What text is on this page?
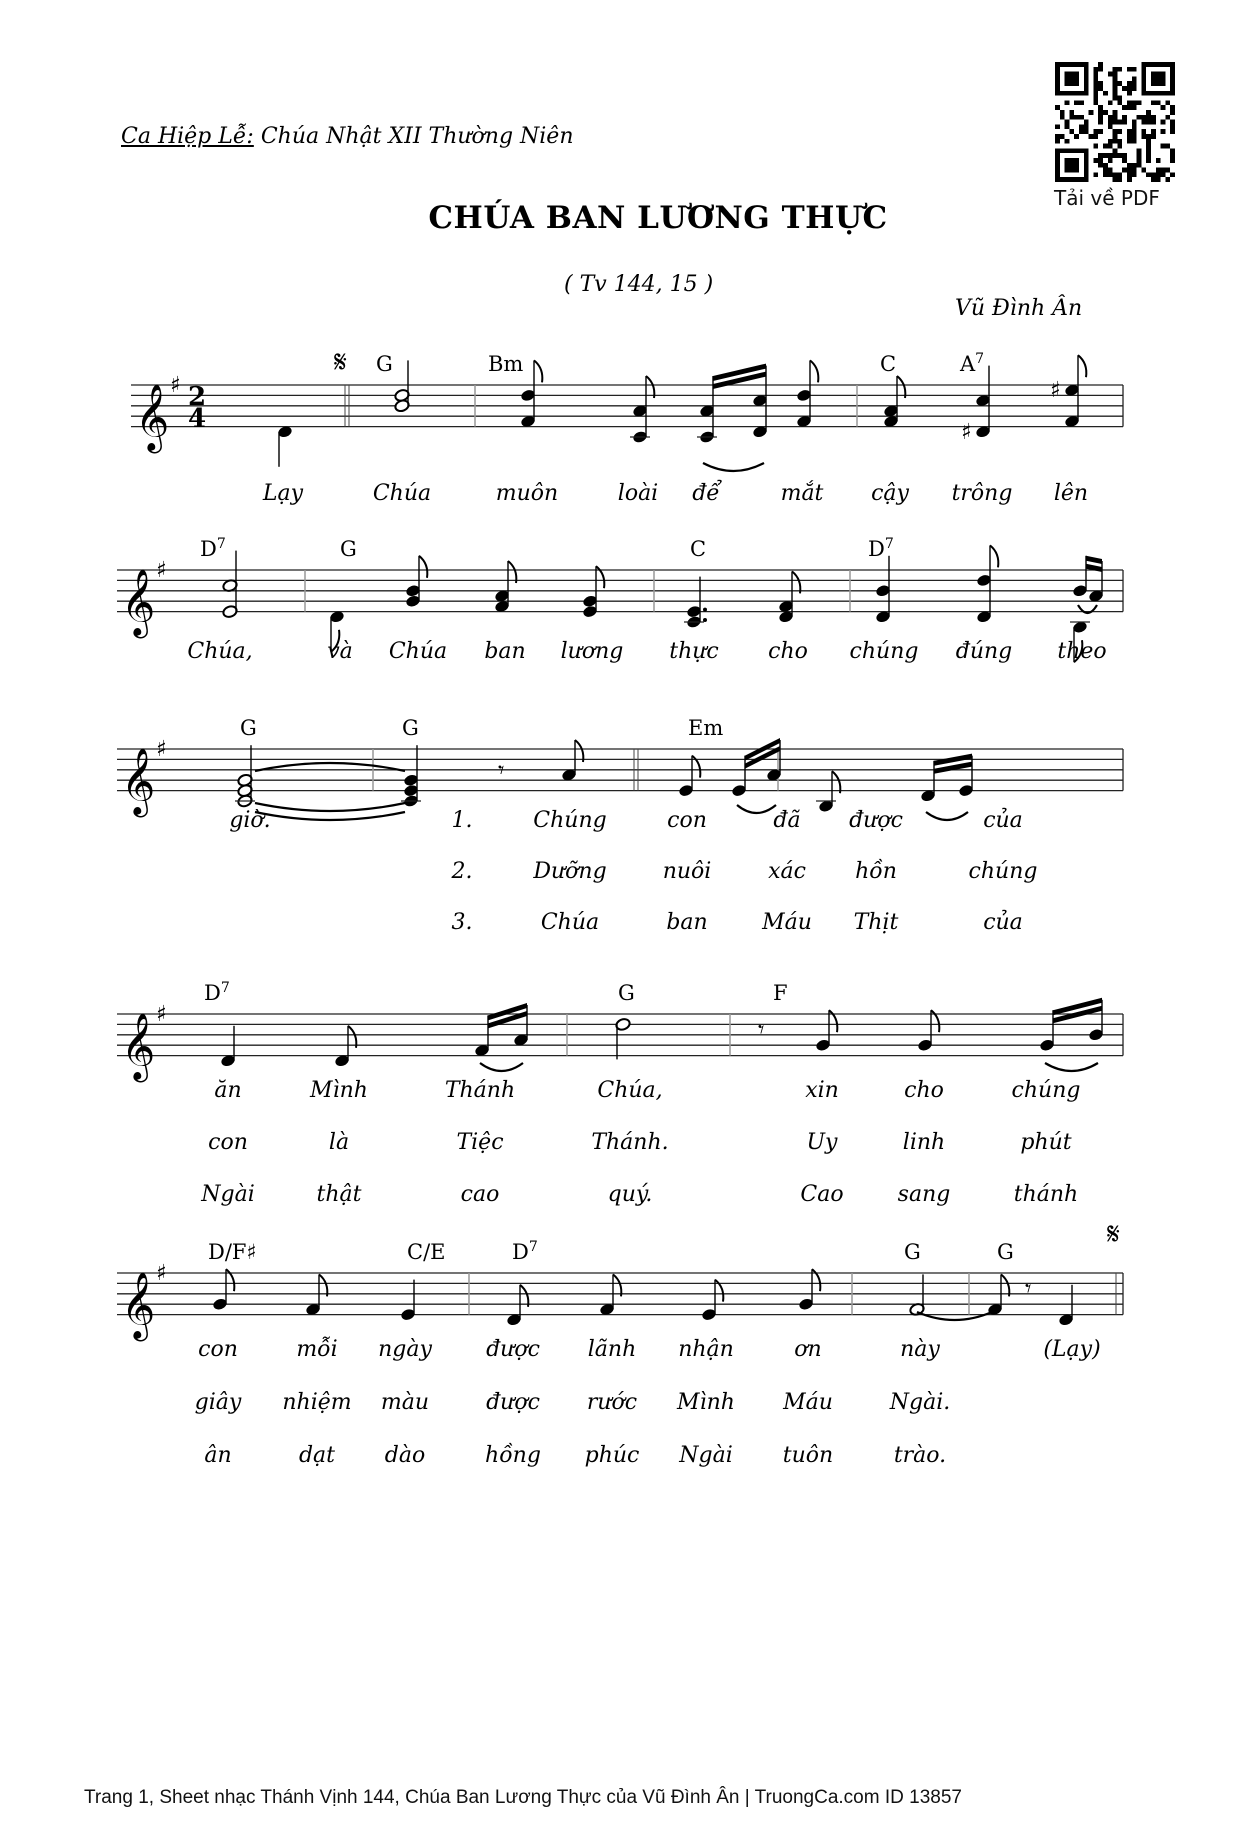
Ca Hiệp Lễ: Chúa Nhật XII Thường Niên
Tải về PDF
CHÚA BAN LƯƠNG THỰC
( Tv 144, 15 )
Vũ Đình Ân
𝄞 ♯ 2
4
𝄋 G	Bm	C	$A^7$
♯
♯
Lạy	Chúa	muôn	loài để	mắt cậy trông lên
𝄞 ♯
$D^7$	G	C	$D^7$
Chúa,	và Chúa ban lương thực cho chúng đúng theo
𝄞 ♯
G	G	Em
𝄾
giờ.	1.	Chúng	con	đã được	của
2.	Dưỡng	nuôi	xác hồn	chúng
3.	Chúa	ban Máu Thịt	của
𝄞 ♯
$D^7$	G	F
𝄾
ăn	Mình	Thánh	Chúa,	xin	cho	chúng
con	là	Tiệc	Thánh.	Uy	linh	phút
Ngài	thật	cao	quý.	Cao sang	thánh
𝄞 ♯
𝄋
D/F♯	C/E	$D^7$	G	G
𝄾
con	mỗi ngày được lãnh nhận	ơn	này	(Lạy)
giây nhiệm màu	được rước Mình Máu	Ngài.
ân	dạt dào	hồng phúc Ngài tuôn	trào.
Trang 1, Sheet nhạc Thánh Vịnh 144, Chúa Ban Lương Thực của Vũ Đình Ân | TruongCa.com ID 13857
